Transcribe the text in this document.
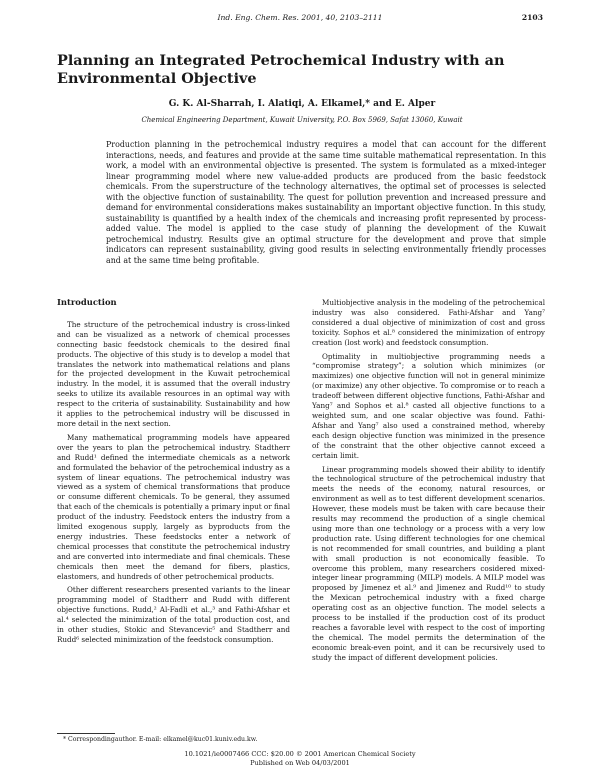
Ind. Eng. Chem. Res. 2001, 40, 2103–2111	2103
Planning an Integrated Petrochemical Industry with an Environmental Objective

G. K. Al-Sharrah, I. Alatiqi, A. Elkamel,* and E. Alper

Chemical Engineering Department, Kuwait University, P.O. Box 5969, Safat 13060, Kuwait

Production planning in the petrochemical industry requires a model that can account for the different interactions, needs, and features and provide at the same time suitable mathematical representation. In this work, a model with an environmental objective is presented. The system is formulated as a mixed-integer linear programming model where new value-added products are produced from the basic feedstock chemicals. From the superstructure of the technology alternatives, the optimal set of processes is selected with the objective function of sustainability. The quest for pollution prevention and increased pressure and demand for environmental considerations makes sustainability an important objective function. In this study, sustainability is quantified by a health index of the chemicals and increasing profit represented by process-added value. The model is applied to the case study of planning the development of the Kuwait petrochemical industry. Results give an optimal structure for the development and prove that simple indicators can represent sustainability, giving good results in selecting environmentally friendly processes and at the same time being profitable.

Introduction

The structure of the petrochemical industry is cross-linked and can be visualized as a network of chemical processes connecting basic feedstock chemicals to the desired final products. The objective of this study is to develop a model that translates the network into mathematical relations and plans for the projected development in the Kuwait petrochemical industry. In the model, it is assumed that the overall industry seeks to utilize its available resources in an optimal way with respect to the criteria of sustainability. Sustainability and how it applies to the petrochemical industry will be discussed in more detail in the next section.

Many mathematical programming models have appeared over the years to plan the petrochemical industry. Stadtherr and Rudd¹ defined the intermediate chemicals as a network and formulated the behavior of the petrochemical industry as a system of linear equations. The petrochemical industry was viewed as a system of chemical transformations that produce or consume different chemicals. To be general, they assumed that each of the chemicals is potentially a primary input or final product of the industry. Feedstock enters the industry from a limited exogenous supply, largely as byproducts from the energy industries. These feedstocks enter a network of chemical processes that constitute the petrochemical industry and are converted into intermediate and final chemicals. These chemicals then meet the demand for fibers, plastics, elastomers, and hundreds of other petrochemical products.

Other different researchers presented variants to the linear programming model of Stadtherr and Rudd with different objective functions. Rudd,² Al-Fadli et al.,³ and Fathi-Afshar et al.⁴ selected the minimization of the total production cost, and in other studies, Stokic and Stevancevic⁵ and Stadtherr and Rudd⁶ selected minimization of the feedstock consumption.

Multiobjective analysis in the modeling of the petrochemical industry was also considered. Fathi-Afshar and Yang⁷ considered a dual objective of minimization of cost and gross toxicity. Sophos et al.⁸ considered the minimization of entropy creation (lost work) and feedstock consumption.

Optimality in multiobjective programming needs a “compromise strategy”; a solution which minimizes (or maximizes) one objective function will not in general minimize (or maximize) any other objective. To compromise or to reach a tradeoff between different objective functions, Fathi-Afshar and Yang⁷ and Sophos et al.⁸ casted all objective functions to a weighted sum, and one scalar objective was found. Fathi-Afshar and Yang⁷ also used a constrained method, whereby each design objective function was minimized in the presence of the constraint that the other objective cannot exceed a certain limit.

Linear programming models showed their ability to identify the technological structure of the petrochemical industry that meets the needs of the economy, natural resources, or environment as well as to test different development scenarios. However, these models must be taken with care because their results may recommend the production of a single chemical using more than one technology or a process with a very low production rate. Using different technologies for one chemical is not recommended for small countries, and building a plant with small production is not economically feasible. To overcome this problem, many researchers cosidered mixed-integer linear programming (MILP) models. A MILP model was proposed by Jimenez et al.⁹ and Jimenez and Rudd¹⁰ to study the Mexican petrochemical industry with a fixed charge operating cost as an objective function. The model selects a process to be installed if the production cost of its product reaches a favorable level with respect to the cost of importing the chemical. The model permits the determination of the economic break-even point, and it can be recursively used to study the impact of different development policies.

* Correspondingauthor. E-mail: elkamel@kuc01.kuniv.edu.kw.

10.1021/ie0007466 CCC: $20.00 © 2001 American Chemical Society
Published on Web 04/03/2001
